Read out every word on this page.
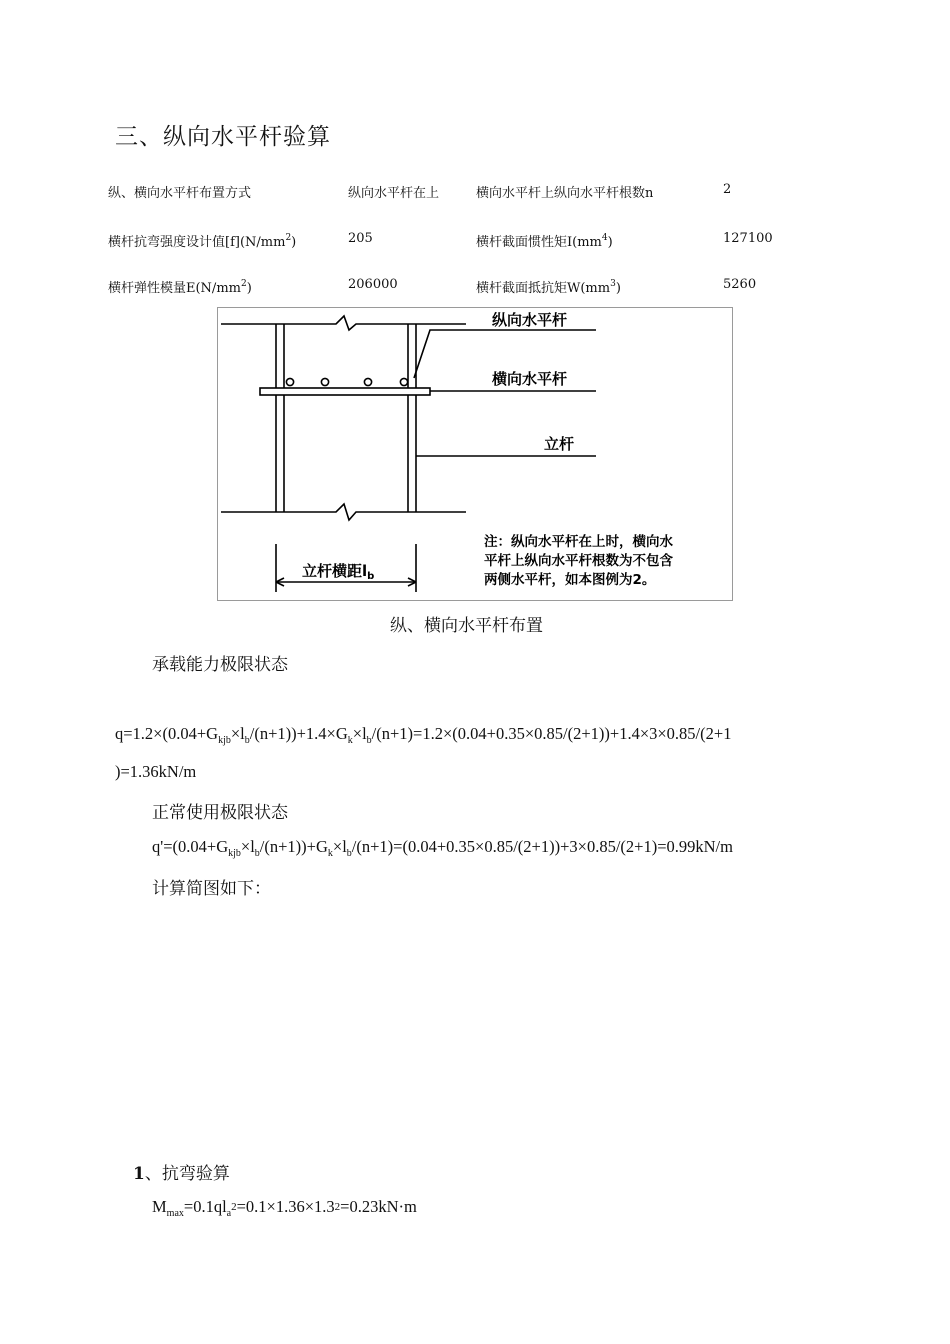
三、纵向水平杆验算
纵、横向水平杆布置方式	纵向水平杆在上	横向水平杆上纵向水平杆根数n	2
横杆抗弯强度设计值$[f](N/mm^2)$	205	横杆截面惯性矩$I(mm^4)$	127100
横杆弹性模量$E(N/mm^2)$	206000	横杆截面抵抗矩$W(mm^3)$	5260
纵向水平杆
横向水平杆
立杆
立杆横距$l_b$
注：纵向水平杆在上时，横向水
平杆上纵向水平杆根数为不包含
两侧水平杆，如本图例为2。
纵、横向水平杆布置
承载能力极限状态
$q=1.2\times(0.04+G_{kjb}\times l_b/(n+1))+1.4\times G_k\times l_b/(n+1)=1.2\times(0.04+0.35\times 0.85/(2+1))+1.4\times 3\times 0.85/(2+1$
)=1.36kN/m
正常使用极限状态
$q'=(0.04+G_{kjb}\times l_b/(n+1))+G_k\times l_b/(n+1)=(0.04+0.35\times 0.85/(2+1))+3\times 0.85/(2+1)=0.99kN/m$
计算简图如下：
1、抗弯验算
$M_{max}=0.1ql_a2=0.1\times 1.36\times 1.32=0.23kN\cdot m$
